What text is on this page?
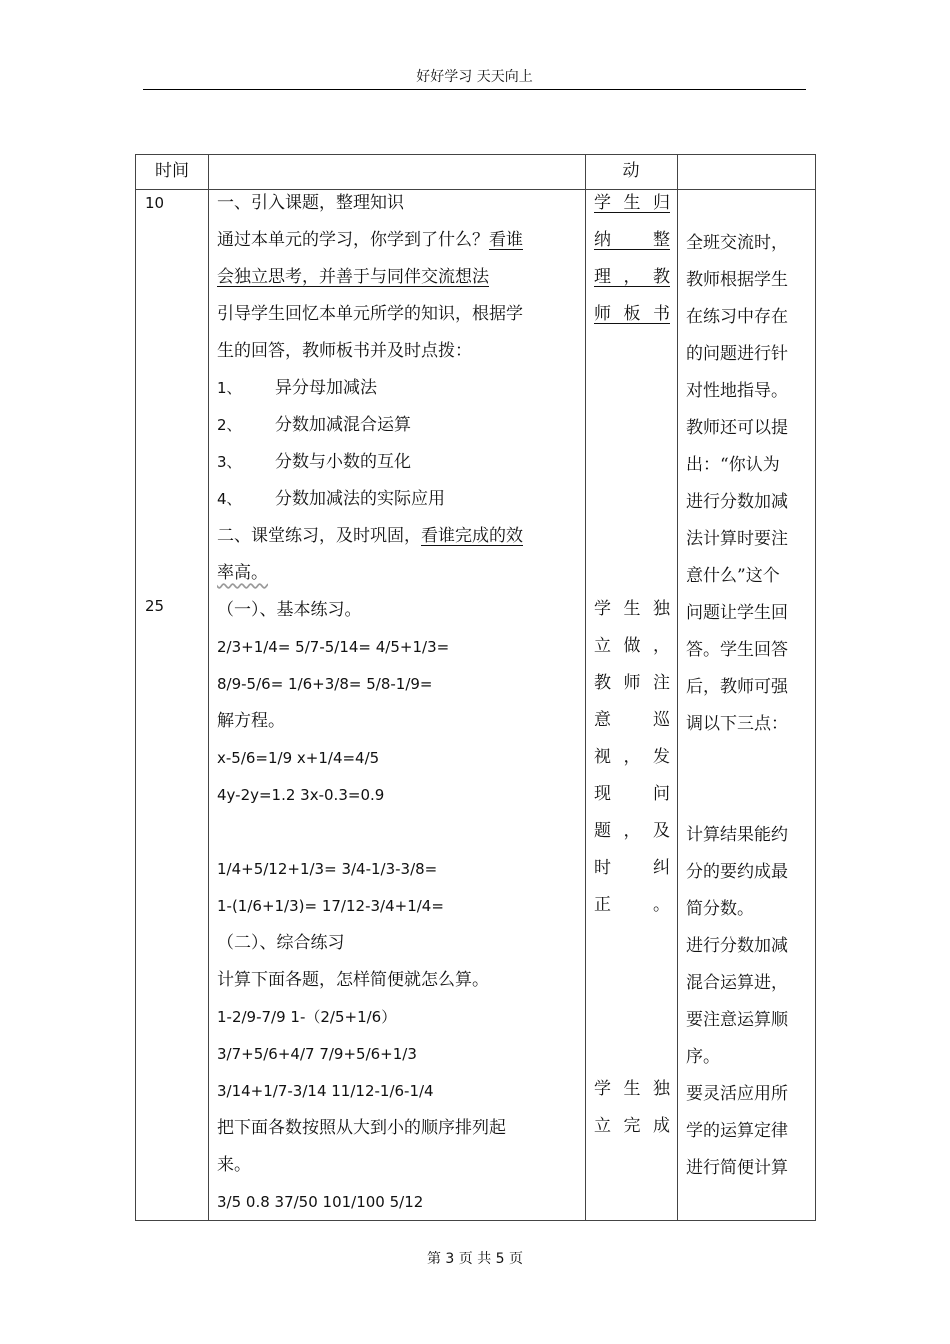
好好学习 天天向上
时间	动
10
25
一、引入课题，整理知识
通过本单元的学习，你学到了什么？看谁
会独立思考，并善于与同伴交流想法
引导学生回忆本单元所学的知识，根据学
生的回答，教师板书并及时点拨：
1、 异分母加减法
2、 分数加减混合运算
3、 分数与小数的互化
4、 分数加减法的实际应用
二、课堂练习，及时巩固，看谁完成的效
率高。
（一）、基本练习。
2/3+1/4= 5/7-5/14= 4/5+1/3=
8/9-5/6= 1/6+3/8= 5/8-1/9=
解方程。
x-5/6=1/9 x+1/4=4/5
4y-2y=1.2 3x-0.3=0.9
1/4+5/12+1/3= 3/4-1/3-3/8=
1-(1/6+1/3)= 17/12-3/4+1/4=
（二）、综合练习
计算下面各题，怎样简便就怎么算。
1-2/9-7/9 1-（2/5+1/6）
3/7+5/6+4/7 7/9+5/6+1/3
3/14+1/7-3/14 11/12-1/6-1/4
把下面各数按照从大到小的顺序排列起
来。
3/5 0.8 37/50 101/100 5/12
学生归
纳 整
理，教
师板书
学生独
立做，
教师注
意 巡
视，发
现 问
题，及
时 纠
正。
学生独
立完成
全班交流时，
教师根据学生
在练习中存在
的问题进行针
对性地指导。
教师还可以提
出：“你认为
进行分数加减
法计算时要注
意什么”这个
问题让学生回
答。学生回答
后，教师可强
调以下三点：
计算结果能约
分的要约成最
简分数。
进行分数加减
混合运算进，
要注意运算顺
序。
要灵活应用所
学的运算定律
进行简便计算
第 3 页 共 5 页
